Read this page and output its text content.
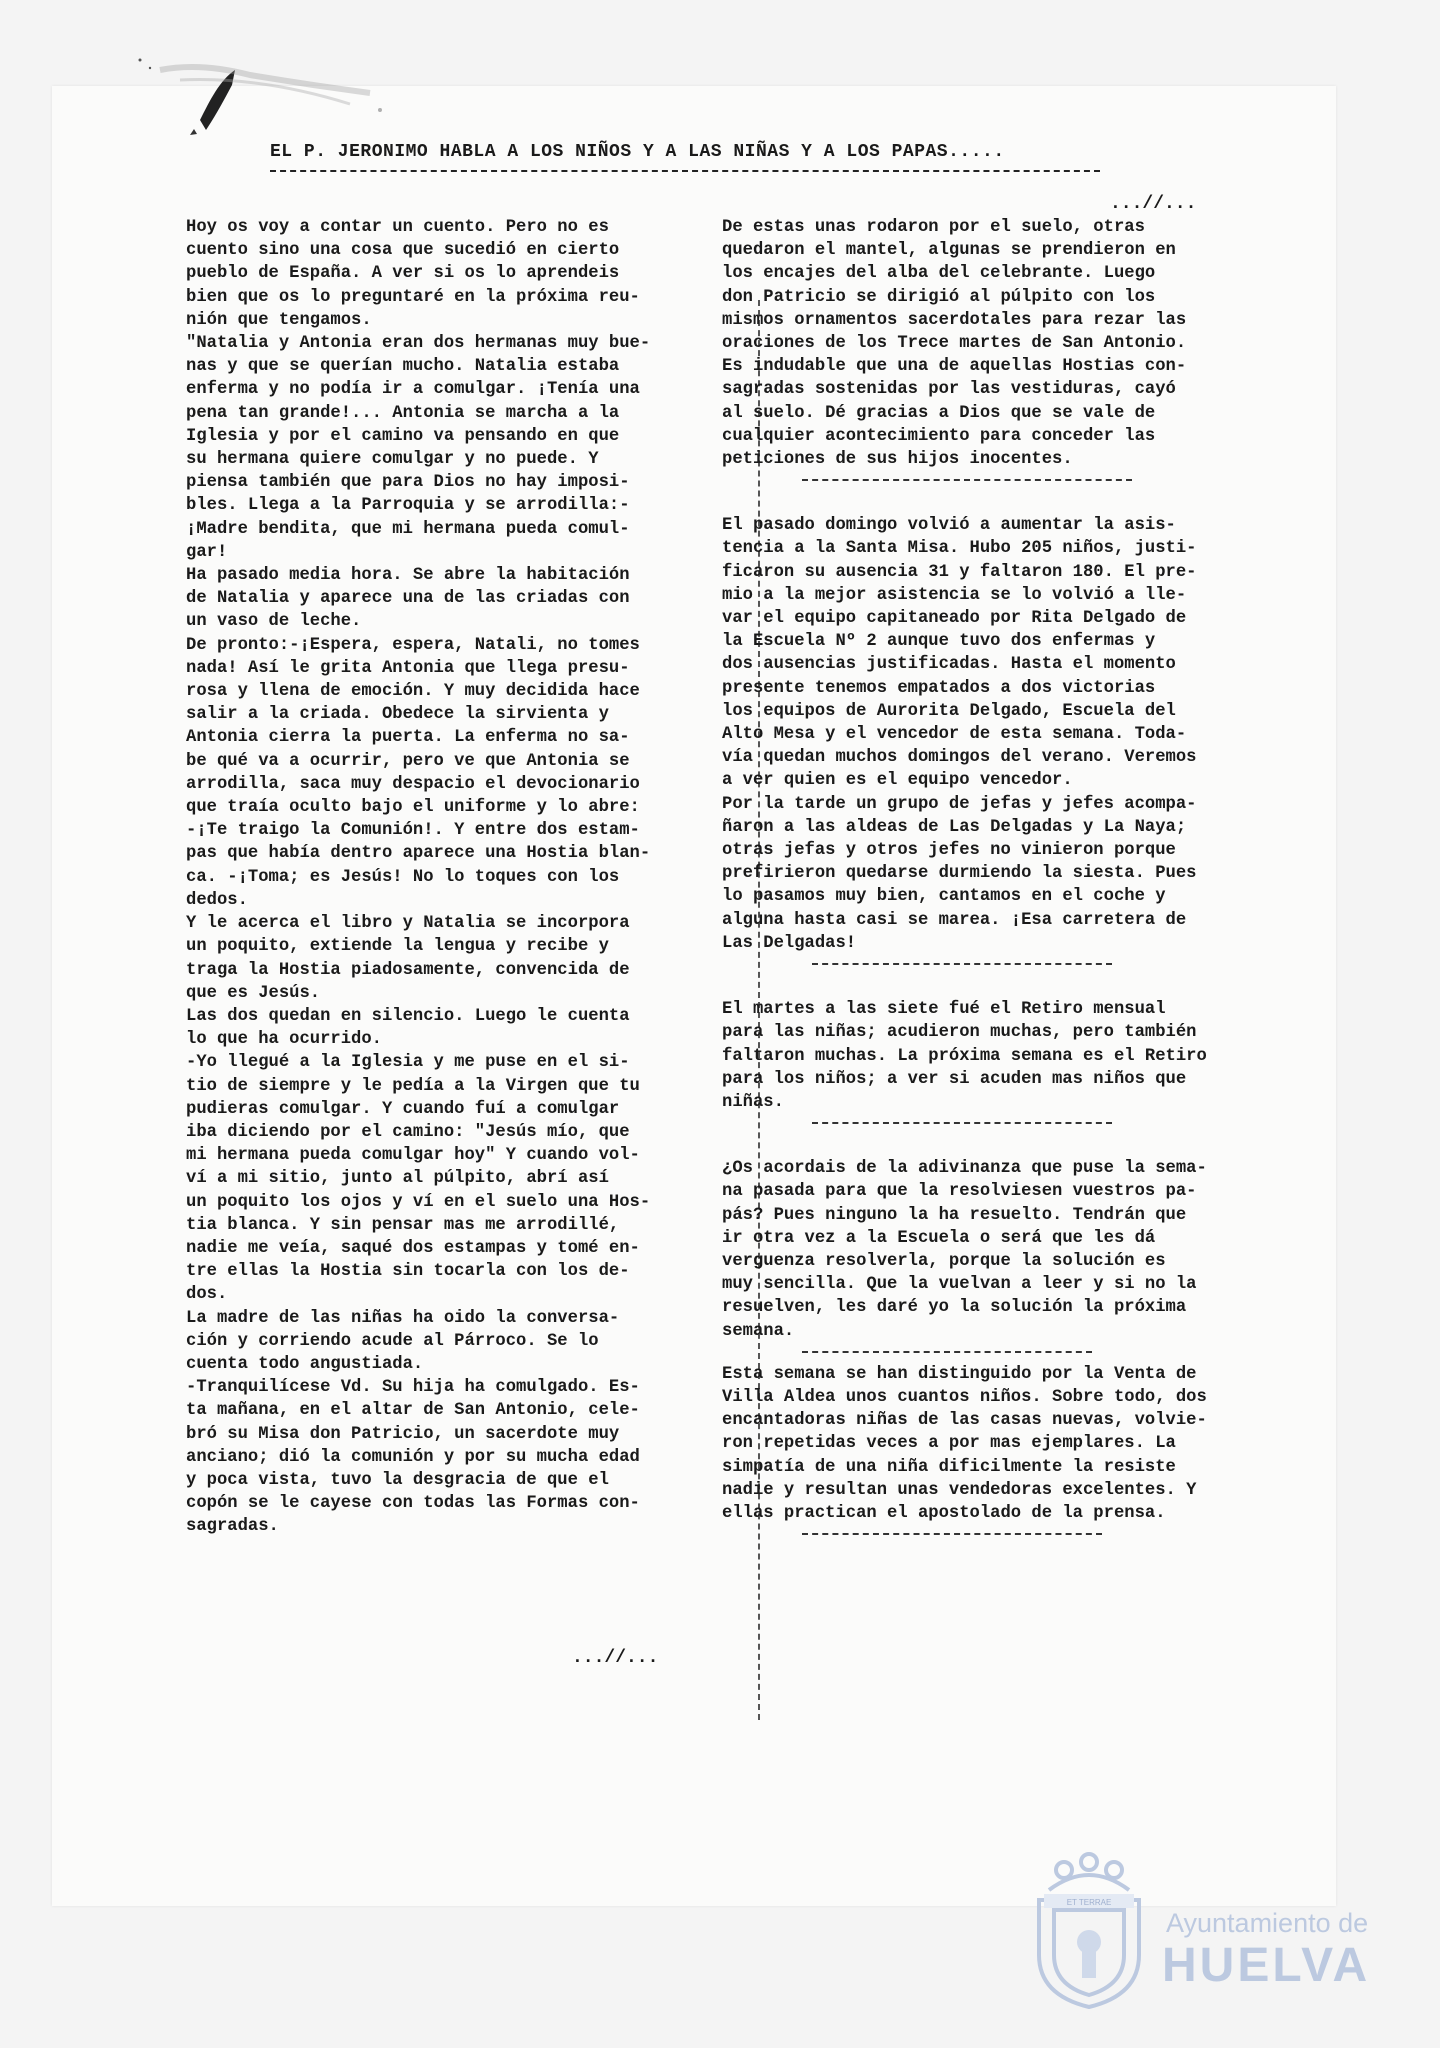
EL P. JERONIMO HABLA A LOS NIÑOS Y A LAS NIÑAS Y A LOS PAPAS.....
...//...

Hoy os voy a contar un cuento. Pero no es
cuento sino una cosa que sucedió en cierto
pueblo de España. A ver si os lo aprendeis
bien que os lo preguntaré en la próxima reu-
nión que tengamos.

"Natalia y Antonia eran dos hermanas muy bue-
nas y que se querían mucho. Natalia estaba
enferma y no podía ir a comulgar. ¡Tenía una
pena tan grande!... Antonia se marcha a la
Iglesia y por el camino va pensando en que
su hermana quiere comulgar y no puede. Y
piensa también que para Dios no hay imposi-
bles. Llega a la Parroquia y se arrodilla:-
¡Madre bendita, que mi hermana pueda comul-
gar!

Ha pasado media hora. Se abre la habitación
de Natalia y aparece una de las criadas con
un vaso de leche.

De pronto:-¡Espera, espera, Natali, no tomes
nada! Así le grita Antonia que llega presu-
rosa y llena de emoción. Y muy decidida hace
salir a la criada. Obedece la sirvienta y
Antonia cierra la puerta. La enferma no sa-
be qué va a ocurrir, pero ve que Antonia se
arrodilla, saca muy despacio el devocionario
que traía oculto bajo el uniforme y lo abre:
-¡Te traigo la Comunión!. Y entre dos estam-
pas que había dentro aparece una Hostia blan-
ca. -¡Toma; es Jesús! No lo toques con los
dedos.

Y le acerca el libro y Natalia se incorpora
un poquito, extiende la lengua y recibe y
traga la Hostia piadosamente, convencida de
que es Jesús.

Las dos quedan en silencio. Luego le cuenta
lo que ha ocurrido.

-Yo llegué a la Iglesia y me puse en el si-
tio de siempre y le pedía a la Virgen que tu
pudieras comulgar. Y cuando fuí a comulgar
iba diciendo por el camino: "Jesús mío, que
mi hermana pueda comulgar hoy" Y cuando vol-
ví a mi sitio, junto al púlpito, abrí así
un poquito los ojos y ví en el suelo una Hos-
tia blanca. Y sin pensar mas me arrodillé,
nadie me veía, saqué dos estampas y tomé en-
tre ellas la Hostia sin tocarla con los de-
dos.

La madre de las niñas ha oido la conversa-
ción y corriendo acude al Párroco. Se lo
cuenta todo angustiada.

-Tranquilícese Vd. Su hija ha comulgado. Es-
ta mañana, en el altar de San Antonio, cele-
bró su Misa don Patricio, un sacerdote muy
anciano; dió la comunión y por su mucha edad
y poca vista, tuvo la desgracia de que el
copón se le cayese con todas las Formas con-
sagradas.

...//...

De estas unas rodaron por el suelo, otras
quedaron el mantel, algunas se prendieron en
los encajes del alba del celebrante. Luego
don Patricio se dirigió al púlpito con los
mismos ornamentos sacerdotales para rezar las
oraciones de los Trece martes de San Antonio.
Es indudable que una de aquellas Hostias con-
sagradas sostenidas por las vestiduras, cayó
al suelo. Dé gracias a Dios que se vale de
cualquier acontecimiento para conceder las
peticiones de sus hijos inocentes.

El pasado domingo volvió a aumentar la asis-
tencia a la Santa Misa. Hubo 205 niños, justi-
ficaron su ausencia 31 y faltaron 180. El pre-
mio a la mejor asistencia se lo volvió a lle-
var el equipo capitaneado por Rita Delgado de
la Escuela Nº 2 aunque tuvo dos enfermas y
dos ausencias justificadas. Hasta el momento
presente tenemos empatados a dos victorias
los equipos de Aurorita Delgado, Escuela del
Alto Mesa y el vencedor de esta semana. Toda-
vía quedan muchos domingos del verano. Veremos
a ver quien es el equipo vencedor.

Por la tarde un grupo de jefas y jefes acompa-
ñaron a las aldeas de Las Delgadas y La Naya;
otras jefas y otros jefes no vinieron porque
prefirieron quedarse durmiendo la siesta. Pues
lo pasamos muy bien, cantamos en el coche y
alguna hasta casi se marea. ¡Esa carretera de
Las Delgadas!

El martes a las siete fué el Retiro mensual
para las niñas; acudieron muchas, pero también
faltaron muchas. La próxima semana es el Retiro
para los niños; a ver si acuden mas niños que
niñas.

¿Os acordais de la adivinanza que puse la sema-
na pasada para que la resolviesen vuestros pa-
pás? Pues ninguno la ha resuelto. Tendrán que
ir otra vez a la Escuela o será que les dá
verguenza resolverla, porque la solución es
muy sencilla. Que la vuelvan a leer y si no la
resuelven, les daré yo la solución la próxima
semana.

Esta semana se han distinguido por la Venta de
Villa Aldea unos cuantos niños. Sobre todo, dos
encantadoras niñas de las casas nuevas, volvie-
ron repetidas veces a por mas ejemplares. La
simpatía de una niña dificilmente la resiste
nadie y resultan unas vendedoras excelentes. Y
ellas practican el apostolado de la prensa.

ET TERRAE
Ayuntamiento de
HUELVA
